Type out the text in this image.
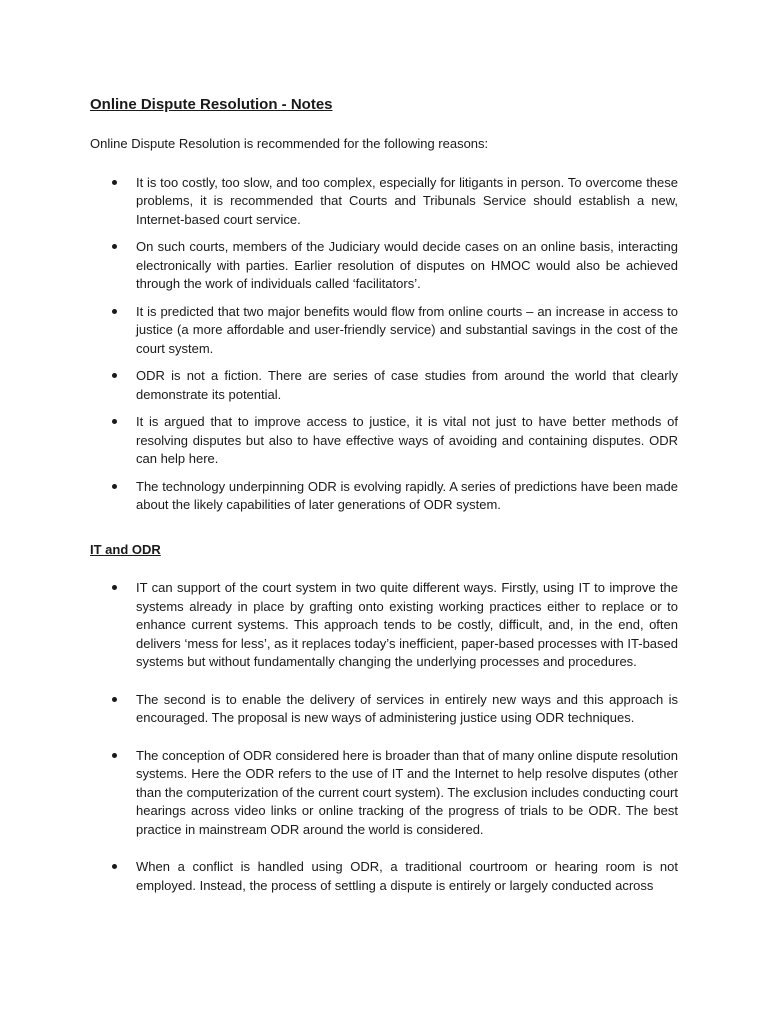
Online Dispute Resolution - Notes

Online Dispute Resolution is recommended for the following reasons:

It is too costly, too slow, and too complex, especially for litigants in person. To overcome these problems, it is recommended that Courts and Tribunals Service should establish a new, Internet-based court service.
On such courts, members of the Judiciary would decide cases on an online basis, interacting electronically with parties. Earlier resolution of disputes on HMOC would also be achieved through the work of individuals called ‘facilitators’.
It is predicted that two major benefits would flow from online courts – an increase in access to justice (a more affordable and user-friendly service) and substantial savings in the cost of the court system.
ODR is not a fiction. There are series of case studies from around the world that clearly demonstrate its potential.
It is argued that to improve access to justice, it is vital not just to have better methods of resolving disputes but also to have effective ways of avoiding and containing disputes. ODR can help here.
The technology underpinning ODR is evolving rapidly. A series of predictions have been made about the likely capabilities of later generations of ODR system.
IT and ODR
IT can support of the court system in two quite different ways. Firstly, using IT to improve the systems already in place by grafting onto existing working practices either to replace or to enhance current systems. This approach tends to be costly, difficult, and, in the end, often delivers ‘mess for less’, as it replaces today’s inefficient, paper-based processes with IT-based systems but without fundamentally changing the underlying processes and procedures.
The second is to enable the delivery of services in entirely new ways and this approach is encouraged. The proposal is new ways of administering justice using ODR techniques.
The conception of ODR considered here is broader than that of many online dispute resolution systems. Here the ODR refers to the use of IT and the Internet to help resolve disputes (other than the computerization of the current court system). The exclusion includes conducting court hearings across video links or online tracking of the progress of trials to be ODR. The best practice in mainstream ODR around the world is considered.
When a conflict is handled using ODR, a traditional courtroom or hearing room is not employed. Instead, the process of settling a dispute is entirely or largely conducted across
